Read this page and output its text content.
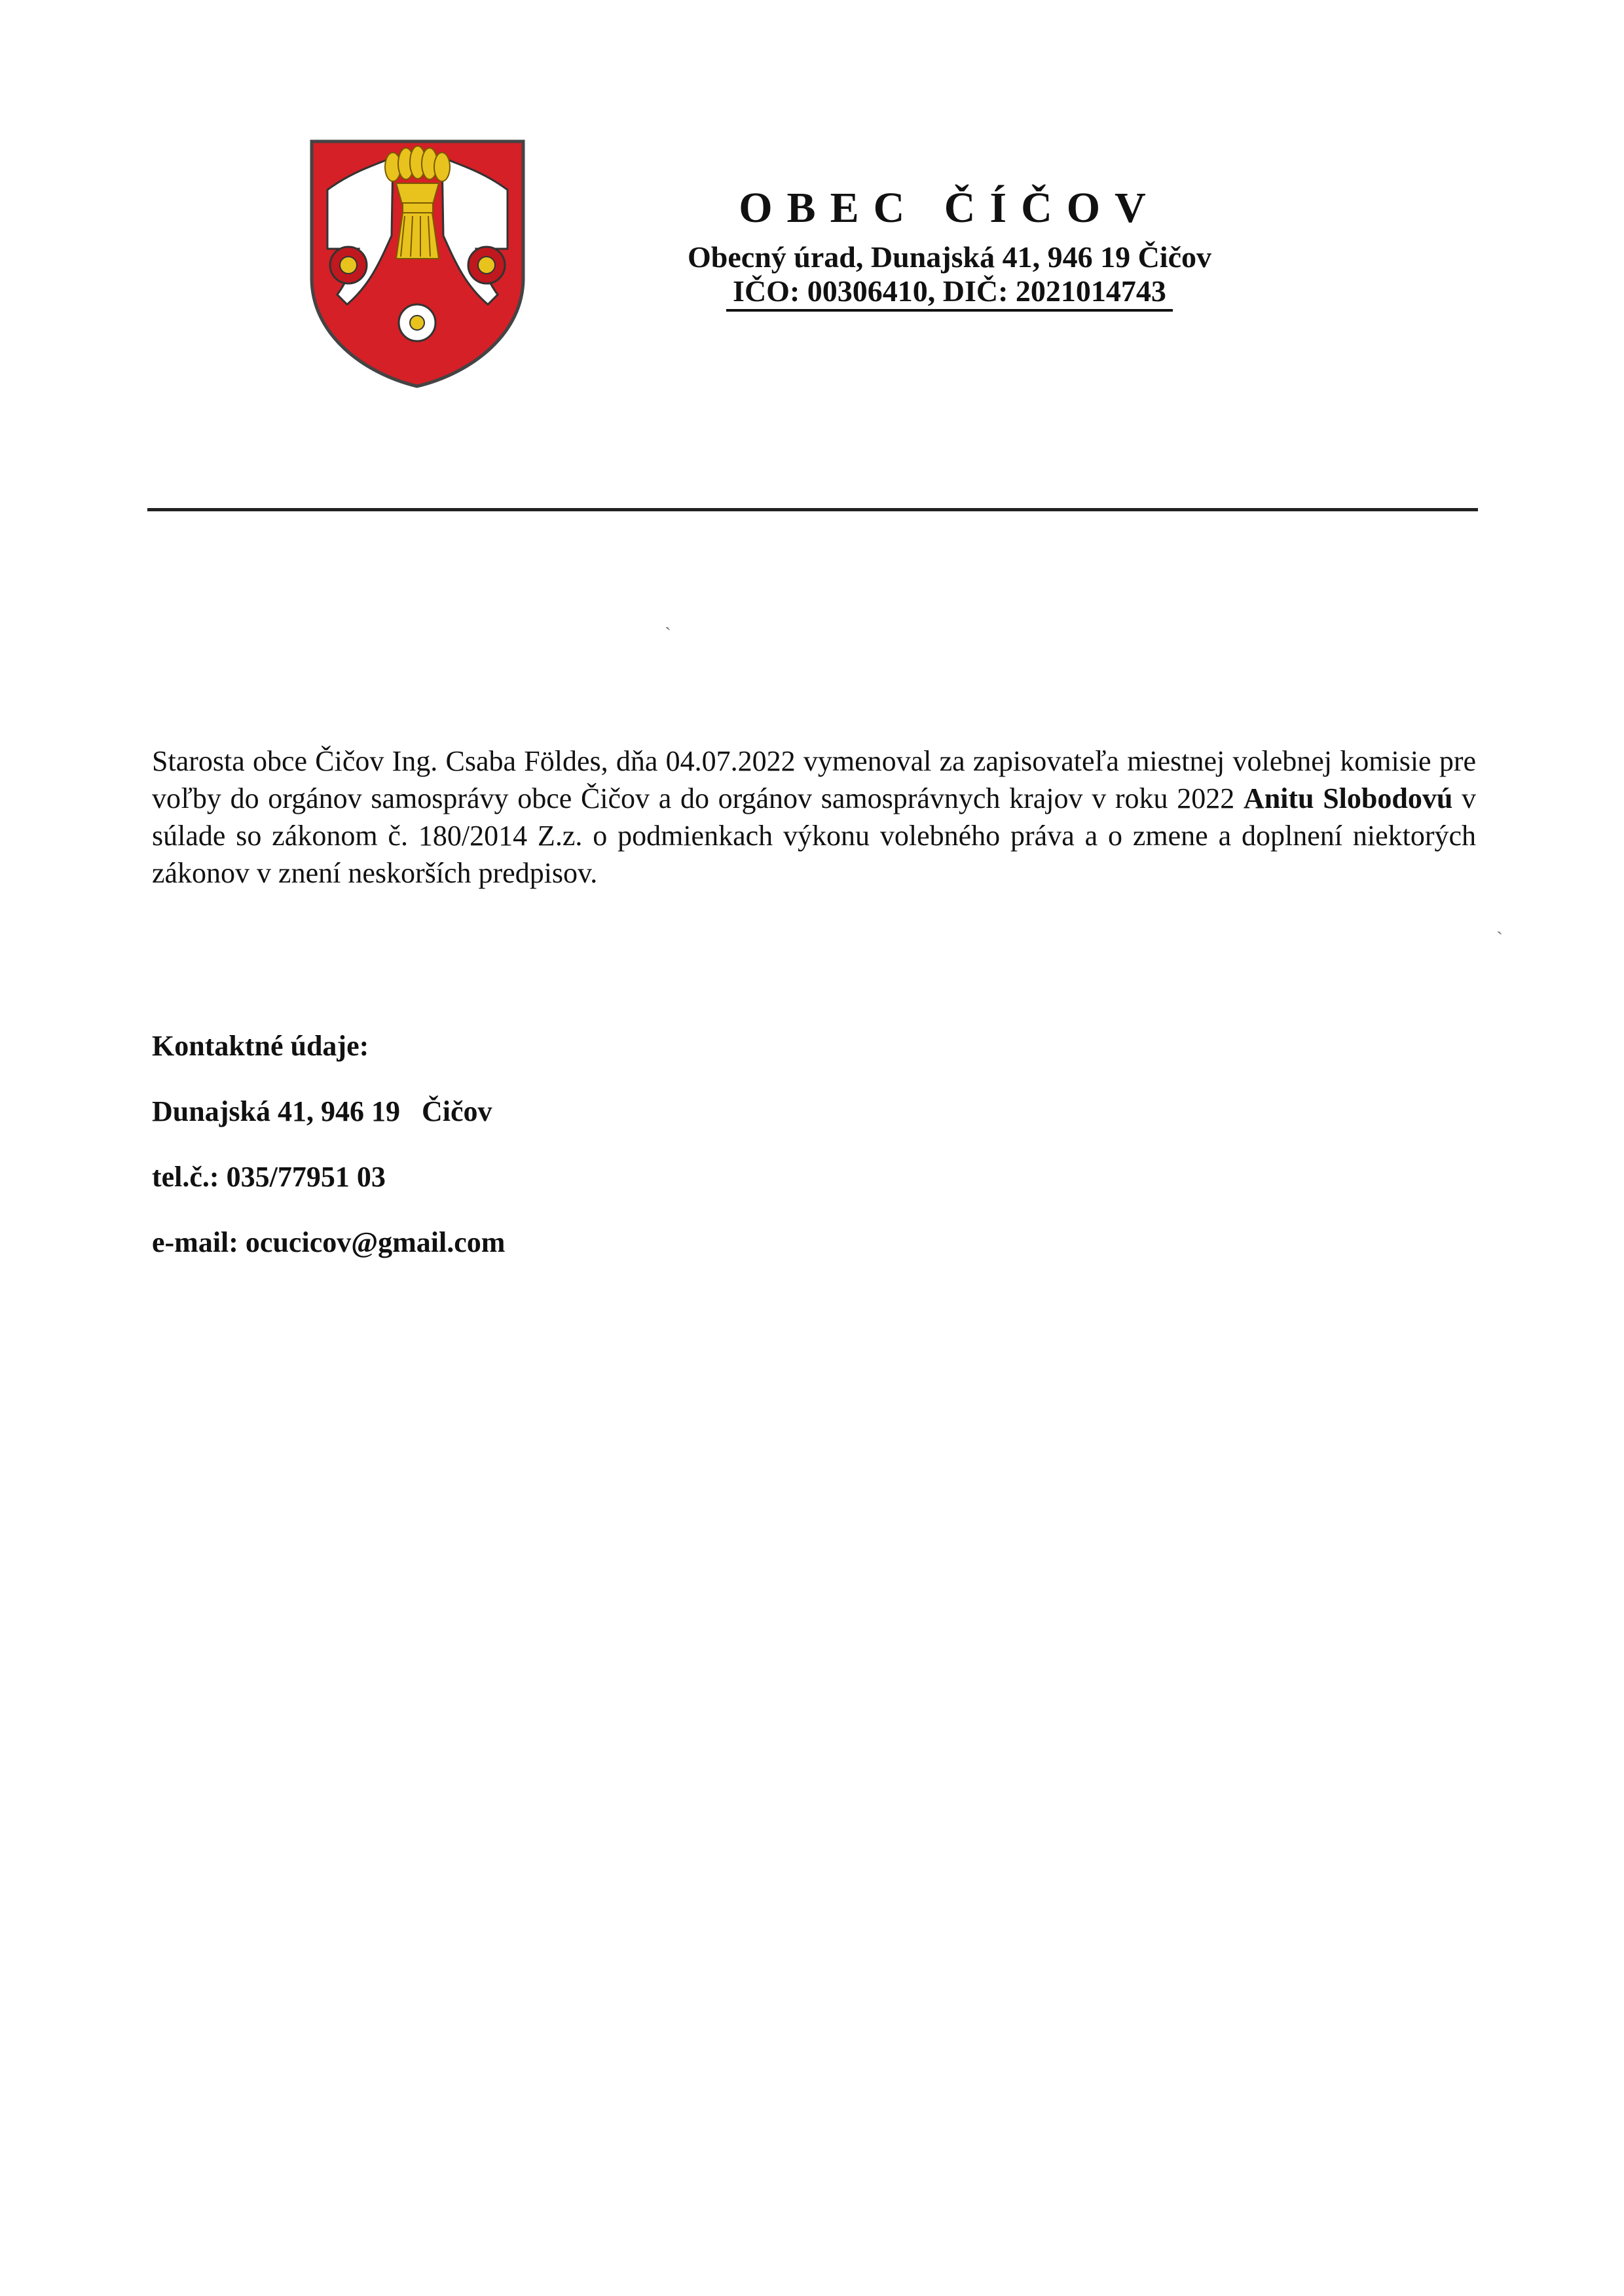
OBEC ČÍČOV
Obecný úrad, Dunajská 41, 946 19 Čičov
IČO: 00306410, DIČ: 2021014743
ˏ
ˏ

Starosta obce Čičov Ing. Csaba Földes, dňa 04.07.2022 vymenoval za zapisovateľa miestnej volebnej komisie pre voľby do orgánov samosprávy obce Čičov a do orgánov samosprávnych krajov v roku 2022 Anitu Slobodovú v súlade so zákonom č. 180/2014 Z.z. o podmienkach výkonu volebného práva a o zmene a doplnení niektorých zákonov v znení neskorších predpisov.

Kontaktné údaje:
Dunajská 41, 946 19   Čičov
tel.č.: 035/77951 03
e-mail: ocucicov@gmail.com
